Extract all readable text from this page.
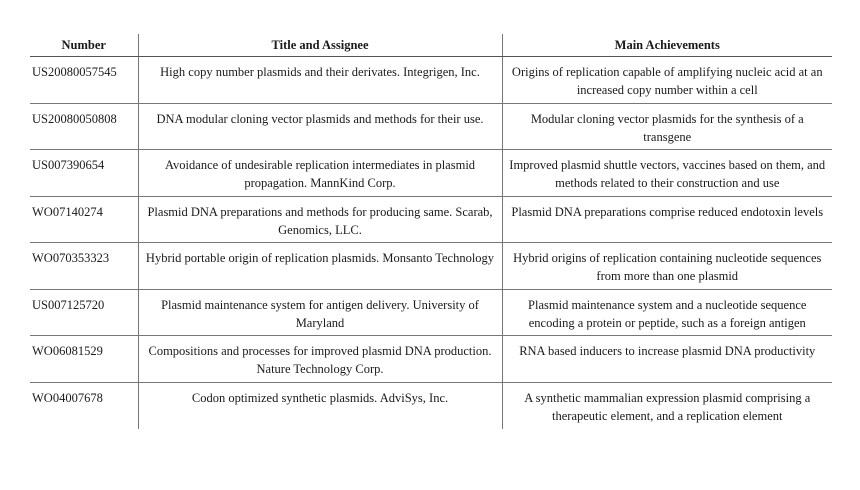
Number	Title and Assignee	Main Achievements
US20080057545	High copy number plasmids and their derivates. Integrigen, Inc.	Origins of replication capable of amplifying nucleic acid at an increased copy number within a cell
US20080050808	DNA modular cloning vector plasmids and methods for their use.	Modular cloning vector plasmids for the synthesis of a transgene
US007390654	Avoidance of undesirable replication intermediates in plasmid propagation. MannKind Corp.	Improved plasmid shuttle vectors, vaccines based on them, and methods related to their construction and use
WO07140274	Plasmid DNA preparations and methods for producing same. Scarab, Genomics, LLC.	Plasmid DNA preparations comprise reduced endotoxin levels
WO070353323	Hybrid portable origin of replication plasmids. Monsanto Technology	Hybrid origins of replication containing nucleotide sequences from more than one plasmid
US007125720	Plasmid maintenance system for antigen delivery. University of Maryland	Plasmid maintenance system and a nucleotide sequence encoding a protein or peptide, such as a foreign antigen
WO06081529	Compositions and processes for improved plasmid DNA production. Nature Technology Corp.	RNA based inducers to increase plasmid DNA productivity
WO04007678	Codon optimized synthetic plasmids. AdviSys, Inc.	A synthetic mammalian expression plasmid comprising a therapeutic element, and a replication element
